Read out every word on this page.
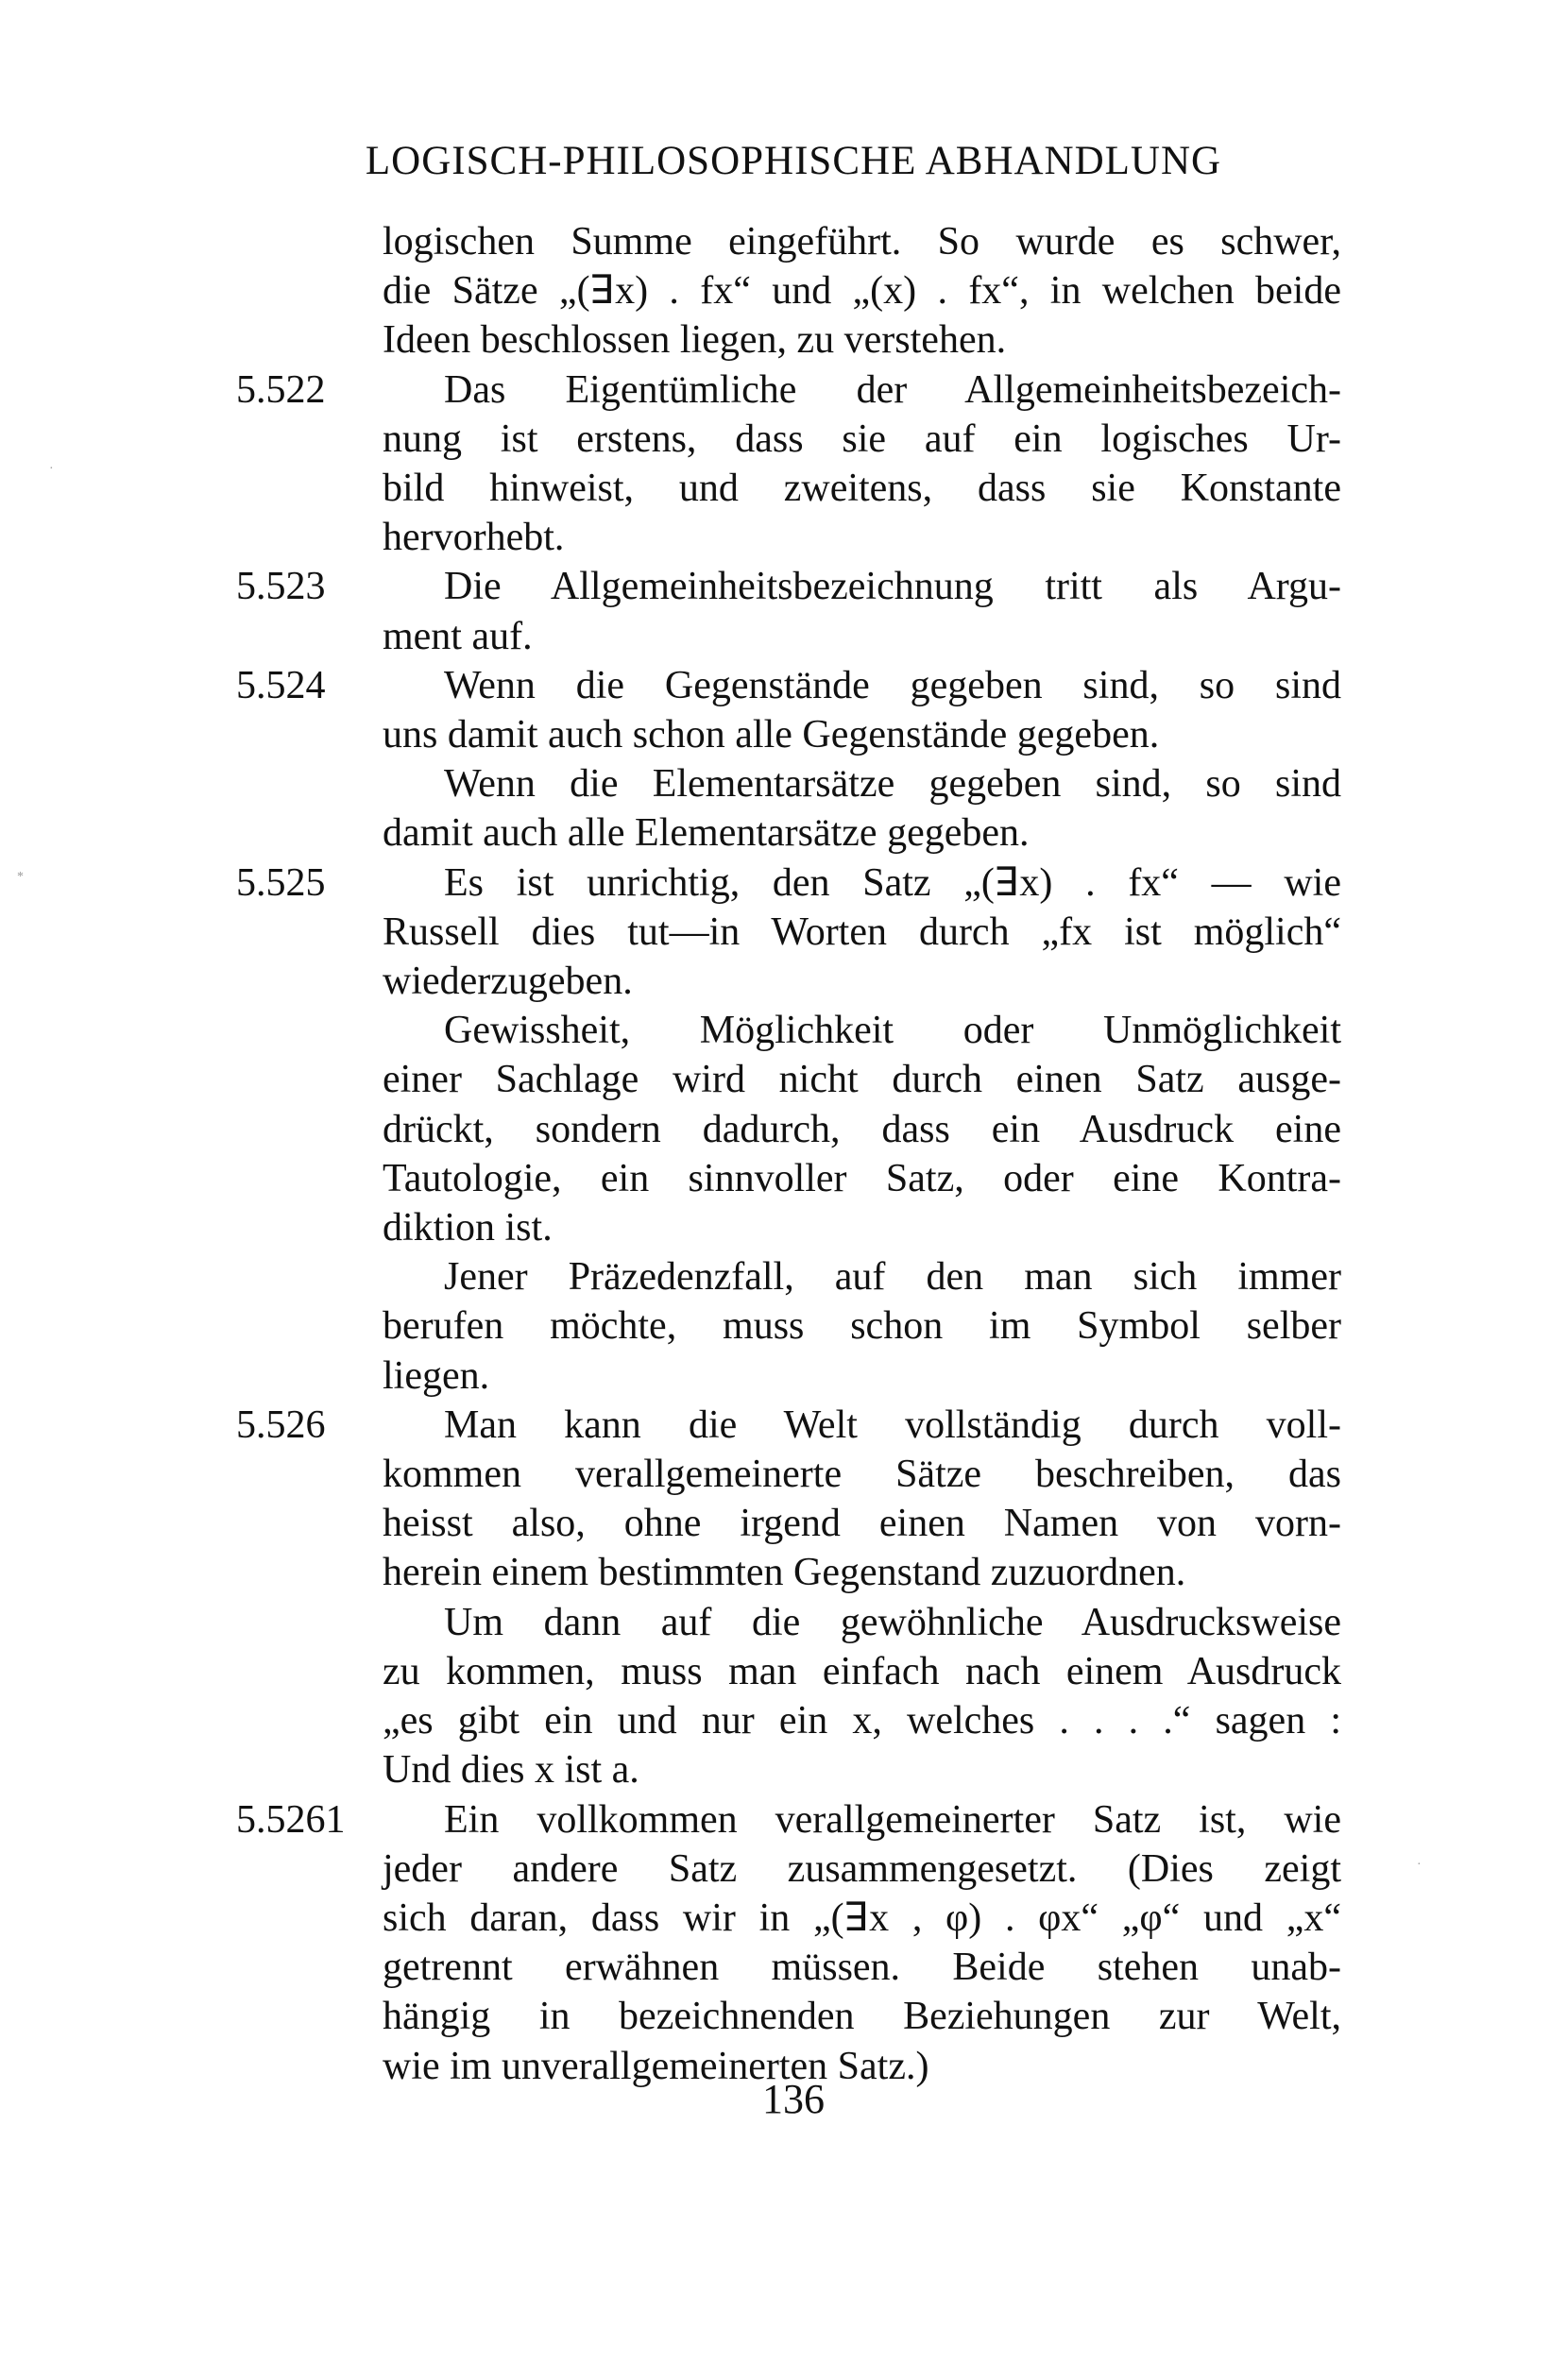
LOGISCH-PHILOSOPHISCHE ABHANDLUNG
logischen Summe eingeführt. So wurde es schwer,
die Sätze „(ꓱx) . fx“ und „(x) . fx“, in welchen beide
Ideen beschlossen liegen, zu verstehen.
5.522	Das Eigentümliche der Allgemeinheitsbezeich-
nung ist erstens, dass sie auf ein logisches Ur-
bild hinweist, und zweitens, dass sie Konstante
hervorhebt.
5.523	Die Allgemeinheitsbezeichnung tritt als Argu-
ment auf.
5.524	Wenn die Gegenstände gegeben sind, so sind
uns damit auch schon alle Gegenstände gegeben.
Wenn die Elementarsätze gegeben sind, so sind
damit auch alle Elementarsätze gegeben.
5.525	Es ist unrichtig, den Satz „(ꓱx) . fx“ — wie
Russell dies tut—in Worten durch „fx ist möglich“
wiederzugeben.
Gewissheit, Möglichkeit oder Unmöglichkeit
einer Sachlage wird nicht durch einen Satz ausge-
drückt, sondern dadurch, dass ein Ausdruck eine
Tautologie, ein sinnvoller Satz, oder eine Kontra-
diktion ist.
Jener Präzedenzfall, auf den man sich immer
berufen möchte, muss schon im Symbol selber
liegen.
5.526	Man kann die Welt vollständig durch voll-
kommen verallgemeinerte Sätze beschreiben, das
heisst also, ohne irgend einen Namen von vorn-
herein einem bestimmten Gegenstand zuzuordnen.
Um dann auf die gewöhnliche Ausdrucksweise
zu kommen, muss man einfach nach einem Ausdruck
„es gibt ein und nur ein x, welches . . . .“ sagen :
Und dies x ist a.
5.5261	Ein vollkommen verallgemeinerter Satz ist, wie
jeder andere Satz zusammengesetzt. (Dies zeigt
sich daran, dass wir in „(ꓱx , φ) . φx“ „φ“ und „x“
getrennt erwähnen müssen. Beide stehen unab-
hängig in bezeichnenden Beziehungen zur Welt,
wie im unverallgemeinerten Satz.)
136
·
*
·
